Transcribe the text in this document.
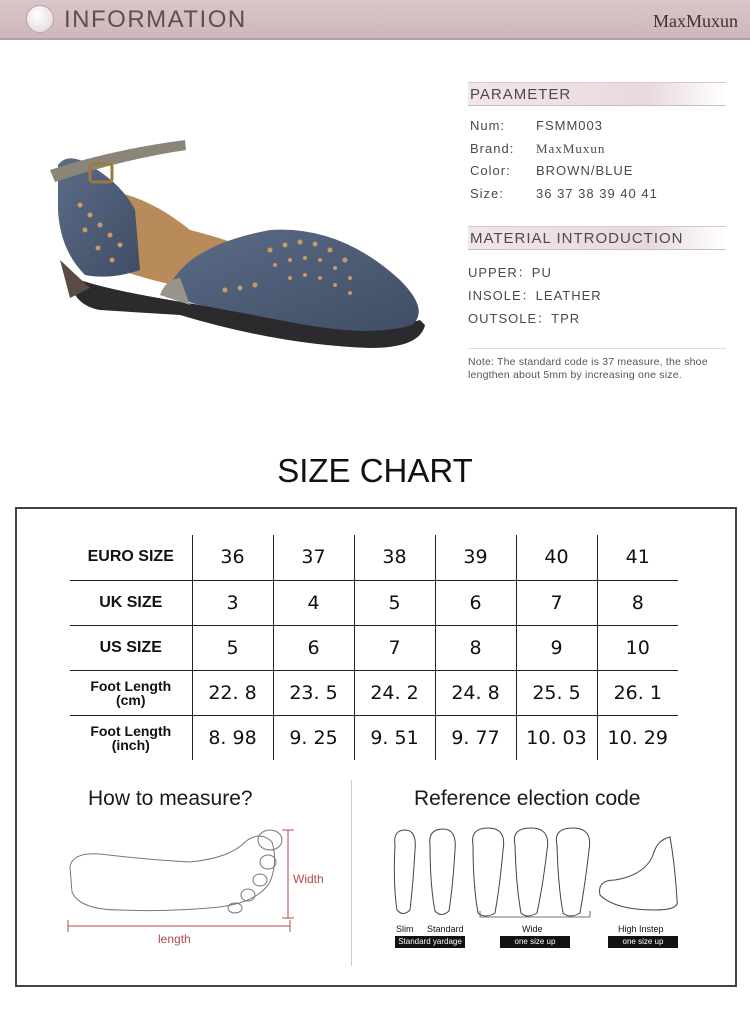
INFORMATION	MaxMuxun
PARAMETER
Num: FSMM003
Brand: MaxMuxun
Color: BROWN/BLUE
Size: 36 37 38 39 40 41
MATERIAL INTRODUCTION
UPPER：PU
INSOLE：LEATHER
OUTSOLE：TPR
Note: The standard code is 37 measure, the shoe lengthen about 5mm by increasing one size.
SIZE CHART
EURO SIZE	36	37	38	39	40	41
UK SIZE	3	4	5	6	7	8
US SIZE	5	6	7	8	9	10

Foot Length
(cm)	22. 8	23. 5	24. 2	24. 8	25. 5	26. 1

Foot Length
(inch)	8. 98	9. 25	9. 51	9. 77	10. 03	10. 29
How to measure?	Reference election code
Width
length
Slim Standard	Wide	High Instep
Standard yardage	one size up	one size up
